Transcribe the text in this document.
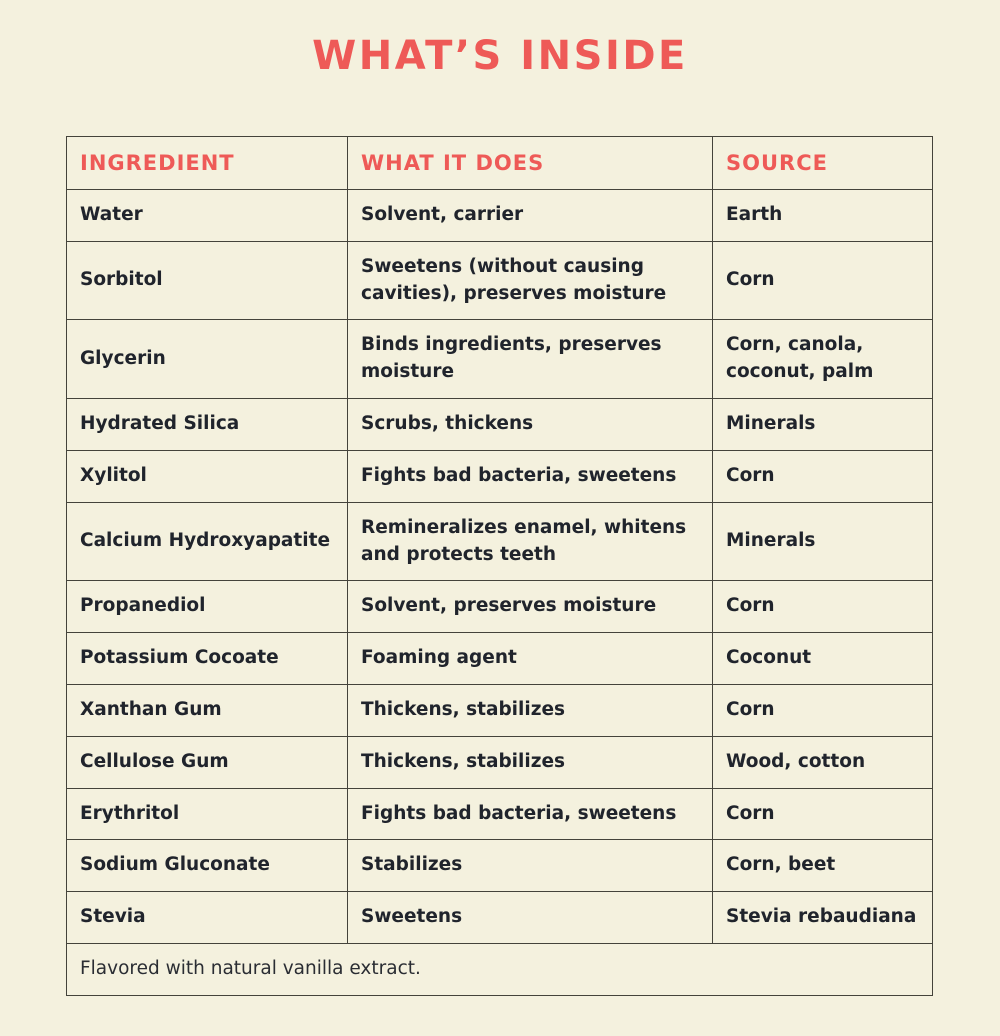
WHAT’S INSIDE
INGREDIENT	WHAT IT DOES	SOURCE
Water	Solvent, carrier	Earth
Sorbitol	Sweetens (without causing cavities), preserves moisture	Corn
Glycerin	Binds ingredients, preserves moisture	Corn, canola, coconut, palm
Hydrated Silica	Scrubs, thickens	Minerals
Xylitol	Fights bad bacteria, sweetens	Corn
Calcium Hydroxyapatite	Remineralizes enamel, whitens and protects teeth	Minerals
Propanediol	Solvent, preserves moisture	Corn
Potassium Cocoate	Foaming agent	Coconut
Xanthan Gum	Thickens, stabilizes	Corn
Cellulose Gum	Thickens, stabilizes	Wood, cotton
Erythritol	Fights bad bacteria, sweetens	Corn
Sodium Gluconate	Stabilizes	Corn, beet
Stevia	Sweetens	Stevia rebaudiana
Flavored with natural vanilla extract.		
